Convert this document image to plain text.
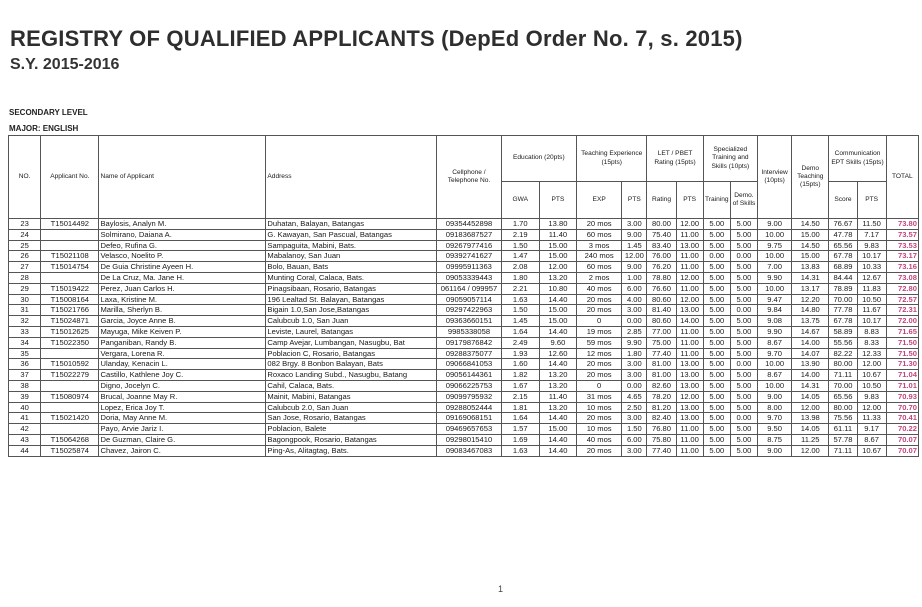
REGISTRY OF QUALIFIED APPLICANTS (DepEd Order No. 7, s. 2015)
S.Y. 2015-2016
SECONDARY LEVEL
MAJOR: ENGLISH
NO.	Applicant No.	Name of Applicant	Address	Cellphone / Telephone No.	Education (20pts)		Teaching Experience (15pts)		LET / PBET Rating (15pts)		Specialized Training and Skills (10pts)		Interview (10pts)	Demo Teaching (15pts)	Communication EPT Skills (15pts)		TOTAL
					GWA	PTS	EXP	PTS	Rating	PTS	Training	Demo. of Skills			Score	PTS	
23	T15014492	Baylosis, Analyn M.	Duhatan, Balayan, Batangas	09354452898	1.70	13.80	20 mos	3.00	80.00	12.00	5.00	5.00	9.00	14.50	76.67	11.50	73.80
24		Solmirano, Daiana A.	G. Kawayan, San Pascual, Batangas	09183687527	2.19	11.40	60 mos	9.00	75.40	11.00	5.00	5.00	10.00	15.00	47.78	7.17	73.57
25		Defeo, Rufina G.	Sampaguita, Mabini, Bats.	09267977416	1.50	15.00	3 mos	1.45	83.40	13.00	5.00	5.00	9.75	14.50	65.56	9.83	73.53
26	T15021108	Velasco, Noelito P.	Mabalanoy, San Juan	09392741627	1.47	15.00	240 mos	12.00	76.00	11.00	0.00	0.00	10.00	15.00	67.78	10.17	73.17
27	T15014754	De Guia Christine Ayeen H.	Bolo, Bauan, Bats	09995911363	2.08	12.00	60 mos	9.00	76.20	11.00	5.00	5.00	7.00	13.83	68.89	10.33	73.16
28		De La Cruz, Ma. Jane H.	Munting Coral, Calaca, Bats.	09053339443	1.80	13.20	2 mos	1.00	78.80	12.00	5.00	5.00	9.90	14.31	84.44	12.67	73.08
29	T15019422	Perez, Juan Carlos H.	Pinagsibaan, Rosario, Batangas	061164 / 099957	2.21	10.80	40 mos	6.00	76.60	11.00	5.00	5.00	10.00	13.17	78.89	11.83	72.80
30	T15008164	Laxa, Kristine M.	196 Lealtad St. Balayan, Batangas	09059057114	1.63	14.40	20 mos	4.00	80.60	12.00	5.00	5.00	9.47	12.20	70.00	10.50	72.57
31	T15021766	Marilla, Sherlyn B.	Bigain 1.0,San Jose,Batangas	09297422963	1.50	15.00	20 mos	3.00	81.40	13.00	5.00	0.00	9.84	14.80	77.78	11.67	72.31
32	T15024871	Garcia, Joyce Anne B.	Calubcub 1.0, San Juan	09363660151	1.45	15.00	0	0.00	80.60	14.00	5.00	5.00	9.08	13.75	67.78	10.17	72.00
33	T15012625	Mayuga, Mike Keiven P.	Leviste, Laurel, Batangas	9985338058	1.64	14.40	19 mos	2.85	77.00	11.00	5.00	5.00	9.90	14.67	58.89	8.83	71.65
34	T15022350	Panganiban, Randy B.	Camp Avejar, Lumbangan, Nasugbu, Bat	09179876842	2.49	9.60	59 mos	9.90	75.00	11.00	5.00	5.00	8.67	14.00	55.56	8.33	71.50
35		Vergara, Lorena R.	Poblacion C, Rosario, Batangas	09288375077	1.93	12.60	12 mos	1.80	77.40	11.00	5.00	5.00	9.70	14.07	82.22	12.33	71.50
36	T15010592	Ulanday, Kenacin L.	082 Brgy. 8 Bonbon Balayan, Bats	09066841053	1.60	14.40	20 mos	3.00	81.00	13.00	5.00	0.00	10.00	13.90	80.00	12.00	71.30
37	T15022279	Castillo, Kathlene Joy C.	Roxaco Landing Subd., Nasugbu, Batang	09056144361	1.82	13.20	20 mos	3.00	81.00	13.00	5.00	5.00	8.67	14.00	71.11	10.67	71.04
38		Digno, Jocelyn C.	Cahil, Calaca, Bats.	09066225753	1.67	13.20	0	0.00	82.60	13.00	5.00	5.00	10.00	14.31	70.00	10.50	71.01
39	T15080974	Brucal, Joanne May R.	Mainit, Mabini, Batangas	09099795932	2.15	11.40	31 mos	4.65	78.20	12.00	5.00	5.00	9.00	14.05	65.56	9.83	70.93
40		Lopez, Erica Joy T.	Calubcub 2.0, San Juan	09288052444	1.81	13.20	10 mos	2.50	81.20	13.00	5.00	5.00	8.00	12.00	80.00	12.00	70.70
41	T15021420	Doria, May Anne M.	San Jose, Rosario, Batangas	09169068151	1.64	14.40	20 mos	3.00	82.40	13.00	5.00	0.00	9.70	13.98	75.56	11.33	70.41
42		Payo, Arvie Jariz I.	Poblacion, Balete	09469657653	1.57	15.00	10 mos	1.50	76.80	11.00	5.00	5.00	9.50	14.05	61.11	9.17	70.22
43	T15064268	De Guzman, Claire G.	Bagongpook, Rosario, Batangas	09298015410	1.69	14.40	40 mos	6.00	75.80	11.00	5.00	5.00	8.75	11.25	57.78	8.67	70.07
44	T15025874	Chavez, Jairon C.	Ping-As, Alitagtag, Bats.	09083467083	1.63	14.40	20 mos	3.00	77.40	11.00	5.00	5.00	9.00	12.00	71.11	10.67	70.07
1
